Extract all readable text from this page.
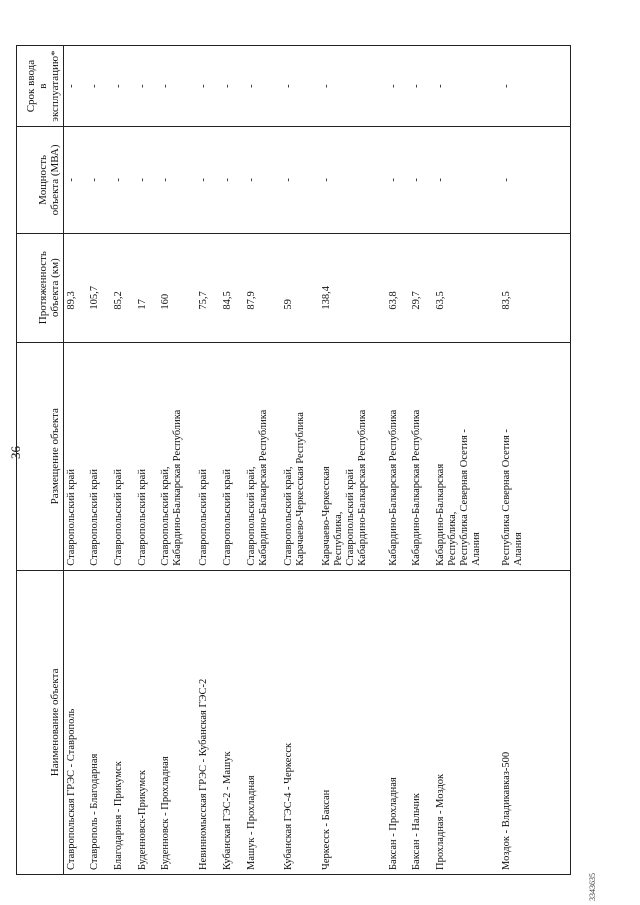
36
Наименование объекта	Размещение объекта	Протяженность объекта (км)	Мощность объекта (МВА)	Срок ввода в эксплуатацию*

Ставропольская ГРЭС - Ставрополь	Ставропольский край	89,3	-	-
Ставрополь - Благодарная	Ставропольский край	105,7	-	-
Благодарная - Прикумск	Ставропольский край	85,2	-	-
Буденновск-Прикумск	Ставропольский край	17	-	-
Буденновск - Прохладная	Ставропольский край, Кабардино-Балкарская Республика	160	-	-
Невинномысская ГРЭС - Кубанская ГЭС-2	Ставропольский край	75,7	-	-
Кубанская ГЭС-2 - Машук	Ставропольский край	84,5	-	-
Машук - Прохладная	Ставропольский край, Кабардино-Балкарская Республика	87,9	-	-
Кубанская ГЭС-4 - Черкесск	Ставропольский край, Карачаево-Черкесская Республика	59	-	-
Черкесск - Баксан	Карачаево-Черкесская Республика, Ставропольский край Кабардино-Балкарская Республика	138,4	-	-
Баксан - Прохладная	Кабардино-Балкарская Республика	63,8	-	-
Баксан - Нальчик	Кабардино-Балкарская Республика	29,7	-	-
Прохладная - Моздок	Кабардино-Балкарская Республика, Республика Северная Осетия - Алания	63,5	-	-
Моздок - Владикавказ-500	Республика Северная Осетия - Алания	83,5	-	-
3343635
